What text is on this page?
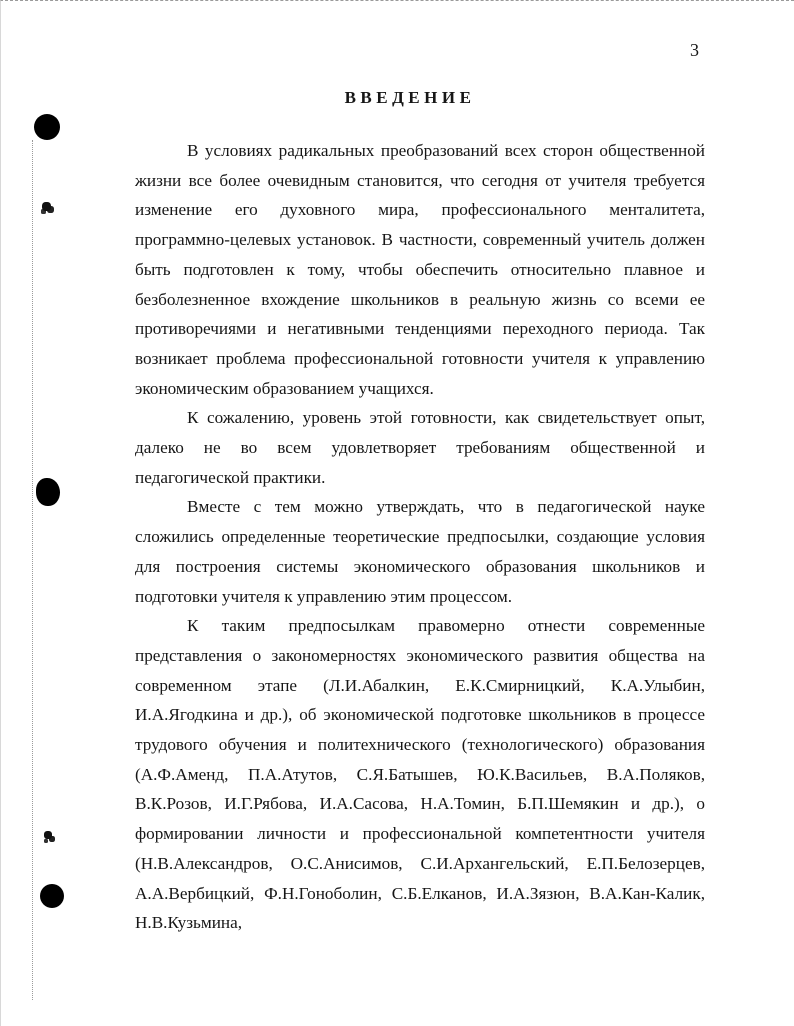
3
ВВЕДЕНИЕ

В условиях радикальных преобразований всех сторон общественной жизни все более очевидным становится, что сегодня от учителя требуется изменение его духовного мира, профессионального менталитета, программно-целевых установок. В частности, современный учитель должен быть подготовлен к тому, чтобы обеспечить относительно плавное и безболезненное вхождение школьников в реальную жизнь со всеми ее противоречиями и негативными тенденциями переходного периода. Так возникает проблема профессиональной готовности учителя к управлению экономическим образованием учащихся.

К сожалению, уровень этой готовности, как свидетельствует опыт, далеко не во всем удовлетворяет требованиям общественной и педагогической практики.

Вместе с тем можно утверждать, что в педагогической науке сложились определенные теоретические предпосылки, создающие условия для построения системы экономического образования школьников и подготовки учителя к управлению этим процессом.

К таким предпосылкам правомерно отнести современные представления о закономерностях экономического развития общества на современном этапе (Л.И.Абалкин, Е.К.Смирницкий, К.А.Улыбин, И.А.Ягодкина и др.), об экономической подготовке школьников в процессе трудового обучения и политехнического (технологического) образования (А.Ф.Аменд, П.А.Атутов, С.Я.Батышев, Ю.К.Васильев, В.А.Поляков, В.К.Розов, И.Г.Рябова, И.А.Сасова, Н.А.Томин, Б.П.Шемякин и др.), о формировании личности и профессиональной компетентности учителя (Н.В.Александров, О.С.Анисимов, С.И.Архангельский, Е.П.Белозерцев, А.А.Вербицкий, Ф.Н.Гоноболин, С.Б.Елканов, И.А.Зязюн, В.А.Кан-Калик, Н.В.Кузьмина,
